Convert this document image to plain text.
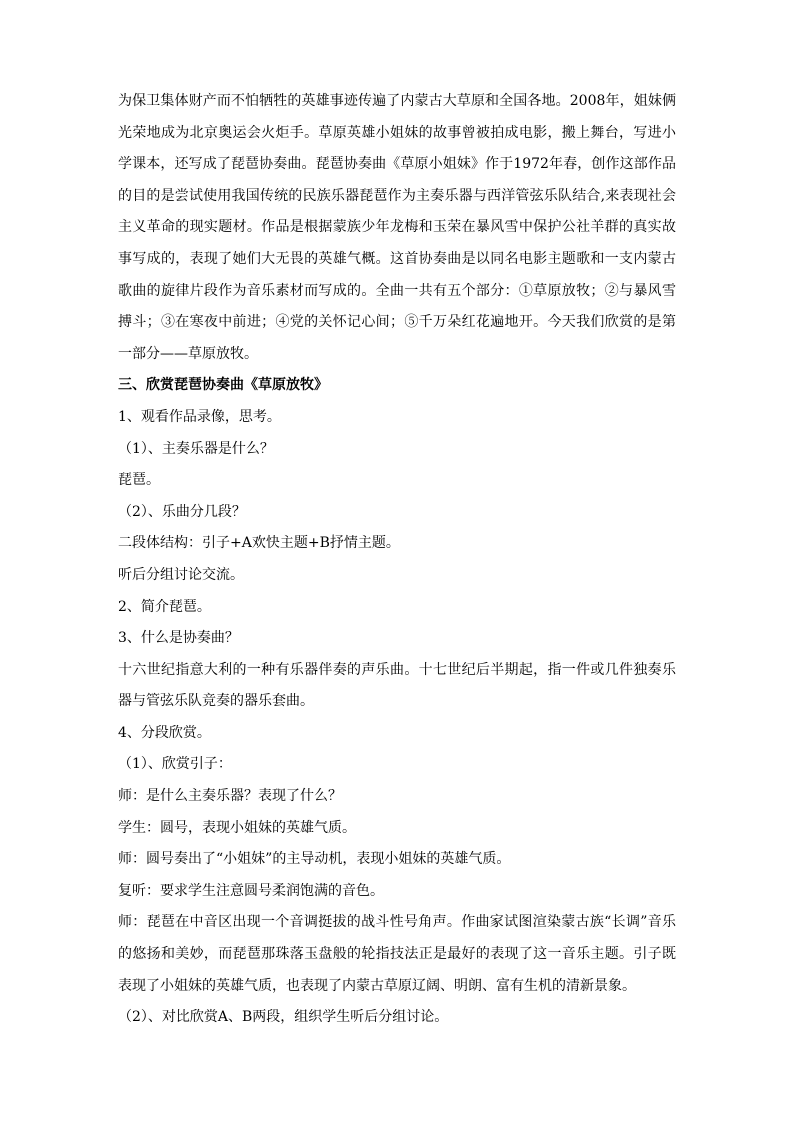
为保卫集体财产而不怕牺牲的英雄事迹传遍了内蒙古大草原和全国各地。2008年，姐妹俩光荣地成为北京奥运会火炬手。草原英雄小姐妹的故事曾被拍成电影，搬上舞台，写进小学课本，还写成了琵琶协奏曲。琵琶协奏曲《草原小姐妹》作于1972年春，创作这部作品的目的是尝试使用我国传统的民族乐器琵琶作为主奏乐器与西洋管弦乐队结合,来表现社会主义革命的现实题材。作品是根据蒙族少年龙梅和玉荣在暴风雪中保护公社羊群的真实故事写成的，表现了她们大无畏的英雄气概。这首协奏曲是以同名电影主题歌和一支内蒙古歌曲的旋律片段作为音乐素材而写成的。全曲一共有五个部分：①草原放牧；②与暴风雪搏斗；③在寒夜中前进；④党的关怀记心间；⑤千万朵红花遍地开。今天我们欣赏的是第一部分——草原放牧。

三、欣赏琵琶协奏曲《草原放牧》

1、观看作品录像，思考。

（1）、主奏乐器是什么？

琵琶。

（2）、乐曲分几段？

二段体结构：引子+A欢快主题+B抒情主题。

听后分组讨论交流。

2、简介琵琶。

3、什么是协奏曲？

十六世纪指意大利的一种有乐器伴奏的声乐曲。十七世纪后半期起，指一件或几件独奏乐器与管弦乐队竞奏的器乐套曲。

4、分段欣赏。

（1）、欣赏引子：

师：是什么主奏乐器？表现了什么？

学生：圆号，表现小姐妹的英雄气质。

师：圆号奏出了“小姐妹”的主导动机，表现小姐妹的英雄气质。

复听：要求学生注意圆号柔润饱满的音色。

师：琵琶在中音区出现一个音调挺拔的战斗性号角声。作曲家试图渲染蒙古族“长调”音乐的悠扬和美妙，而琵琶那珠落玉盘般的轮指技法正是最好的表现了这一音乐主题。引子既表现了小姐妹的英雄气质，也表现了内蒙古草原辽阔、明朗、富有生机的清新景象。

（2）、对比欣赏A、B两段，组织学生听后分组讨论。
